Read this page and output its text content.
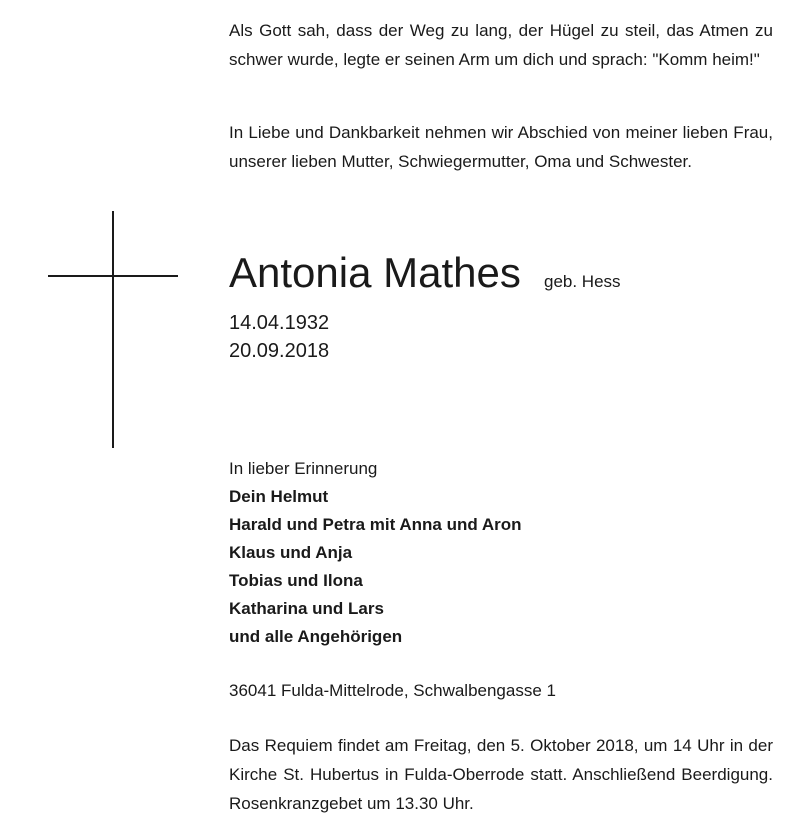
Als Gott sah, dass der Weg zu lang, der Hügel zu steil, das Atmen zu schwer wurde, legte er seinen Arm um dich und sprach: "Komm heim!"

In Liebe und Dankbarkeit nehmen wir Abschied von meiner lieben Frau, unserer lieben Mutter, Schwiegermutter, Oma und Schwester.

Antonia Mathes geb. Hess
14.04.1932
20.09.2018
In lieber Erinnerung
Dein Helmut
Harald und Petra mit Anna und Aron
Klaus und Anja
Tobias und Ilona
Katharina und Lars
und alle Angehörigen
36041 Fulda-Mittelrode, Schwalbengasse 1

Das Requiem findet am Freitag, den 5. Oktober 2018, um 14 Uhr in der Kirche St. Hubertus in Fulda-Oberrode statt. Anschließend Beerdigung. Rosenkranzgebet um 13.30 Uhr.
